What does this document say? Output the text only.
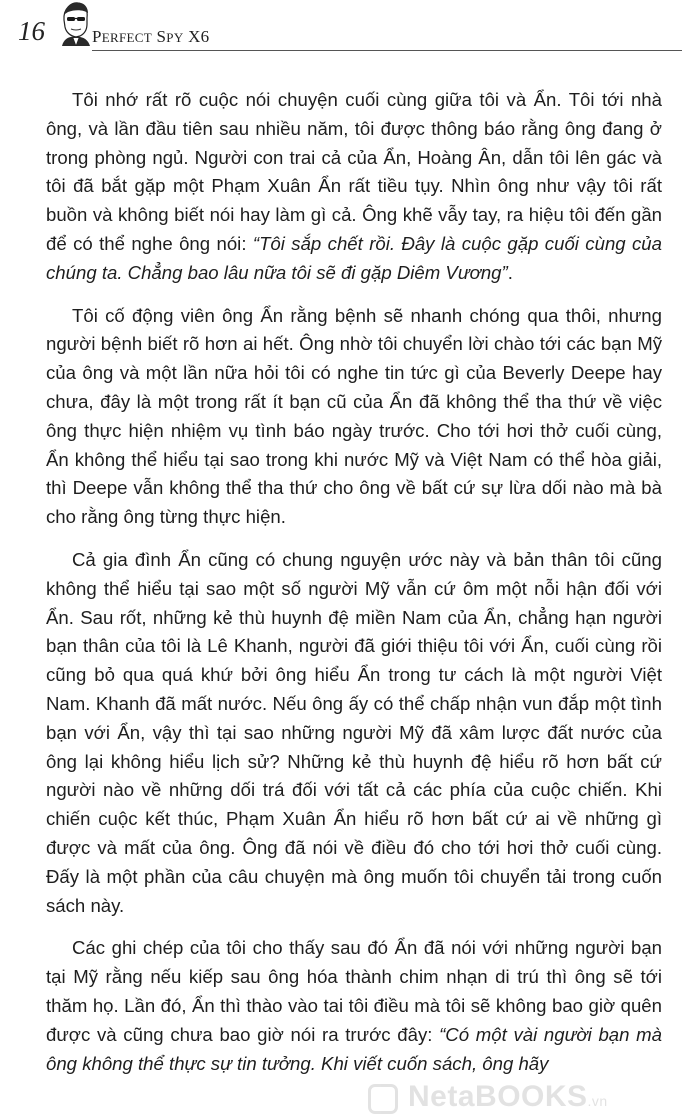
16	Perfect Spy X6

Tôi nhớ rất rõ cuộc nói chuyện cuối cùng giữa tôi và Ẩn. Tôi tới nhà ông, và lần đầu tiên sau nhiều năm, tôi được thông báo rằng ông đang ở trong phòng ngủ. Người con trai cả của Ẩn, Hoàng Ân, dẫn tôi lên gác và tôi đã bắt gặp một Phạm Xuân Ẩn rất tiều tụy. Nhìn ông như vậy tôi rất buồn và không biết nói hay làm gì cả. Ông khẽ vẫy tay, ra hiệu tôi đến gần để có thể nghe ông nói: “Tôi sắp chết rồi. Đây là cuộc gặp cuối cùng của chúng ta. Chẳng bao lâu nữa tôi sẽ đi gặp Diêm Vương”.

Tôi cố động viên ông Ẩn rằng bệnh sẽ nhanh chóng qua thôi, nhưng người bệnh biết rõ hơn ai hết. Ông nhờ tôi chuyển lời chào tới các bạn Mỹ của ông và một lần nữa hỏi tôi có nghe tin tức gì của Beverly Deepe hay chưa, đây là một trong rất ít bạn cũ của Ẩn đã không thể tha thứ về việc ông thực hiện nhiệm vụ tình báo ngày trước. Cho tới hơi thở cuối cùng, Ẩn không thể hiểu tại sao trong khi nước Mỹ và Việt Nam có thể hòa giải, thì Deepe vẫn không thể tha thứ cho ông về bất cứ sự lừa dối nào mà bà cho rằng ông từng thực hiện.

Cả gia đình Ẩn cũng có chung nguyện ước này và bản thân tôi cũng không thể hiểu tại sao một số người Mỹ vẫn cứ ôm một nỗi hận đối với Ẩn. Sau rốt, những kẻ thù huynh đệ miền Nam của Ẩn, chẳng hạn người bạn thân của tôi là Lê Khanh, người đã giới thiệu tôi với Ẩn, cuối cùng rồi cũng bỏ qua quá khứ bởi ông hiểu Ẩn trong tư cách là một người Việt Nam. Khanh đã mất nước. Nếu ông ấy có thể chấp nhận vun đắp một tình bạn với Ẩn, vậy thì tại sao những người Mỹ đã xâm lược đất nước của ông lại không hiểu lịch sử? Những kẻ thù huynh đệ hiểu rõ hơn bất cứ người nào về những dối trá đối với tất cả các phía của cuộc chiến. Khi chiến cuộc kết thúc, Phạm Xuân Ẩn hiểu rõ hơn bất cứ ai về những gì được và mất của ông. Ông đã nói về điều đó cho tới hơi thở cuối cùng. Đấy là một phần của câu chuyện mà ông muốn tôi chuyển tải trong cuốn sách này.

Các ghi chép của tôi cho thấy sau đó Ẩn đã nói với những người bạn tại Mỹ rằng nếu kiếp sau ông hóa thành chim nhạn di trú thì ông sẽ tới thăm họ. Lần đó, Ẩn thì thào vào tai tôi điều mà tôi sẽ không bao giờ quên được và cũng chưa bao giờ nói ra trước đây: “Có một vài người bạn mà ông không thể thực sự tin tưởng. Khi viết cuốn sách, ông hãy

NetaBOOKS.vn
